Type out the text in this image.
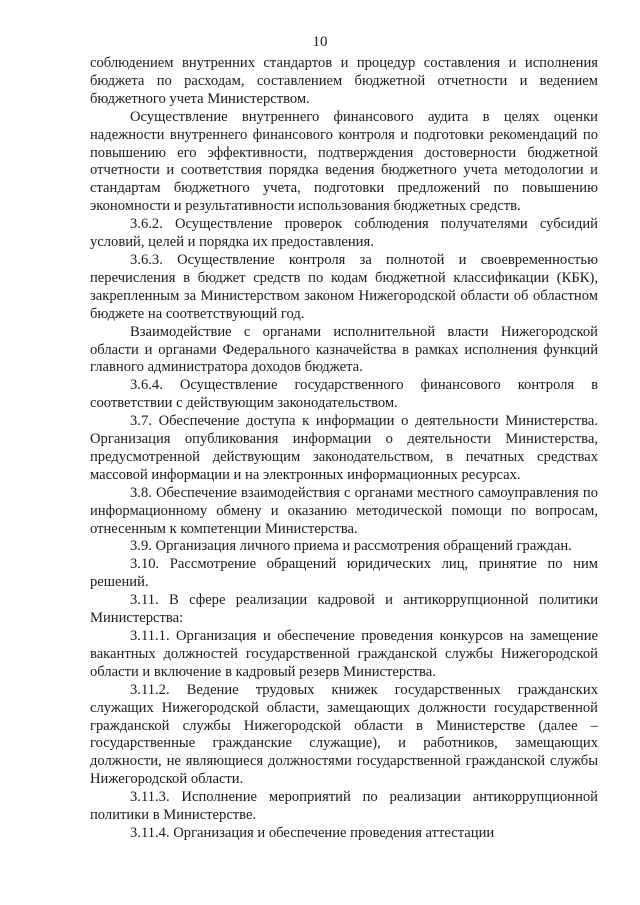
10

соблюдением внутренних стандартов и процедур составления и исполнения бюджета по расходам, составлением бюджетной отчетности и ведением бюджетного учета Министерством.

Осуществление внутреннего финансового аудита в целях оценки надежности внутреннего финансового контроля и подготовки рекомендаций по повышению его эффективности, подтверждения достоверности бюджетной отчетности и соответствия порядка ведения бюджетного учета методологии и стандартам бюджетного учета, подготовки предложений по повышению экономности и результативности использования бюджетных средств.

3.6.2. Осуществление проверок соблюдения получателями субсидий условий, целей и порядка их предоставления.

3.6.3. Осуществление контроля за полнотой и своевременностью перечисления в бюджет средств по кодам бюджетной классификации (КБК), закрепленным за Министерством законом Нижегородской области об областном бюджете на соответствующий год.

Взаимодействие с органами исполнительной власти Нижегородской области и органами Федерального казначейства в рамках исполнения функций главного администратора доходов бюджета.

3.6.4. Осуществление государственного финансового контроля в соответствии с действующим законодательством.

3.7. Обеспечение доступа к информации о деятельности Министерства. Организация опубликования информации о деятельности Министерства, предусмотренной действующим законодательством, в печатных средствах массовой информации и на электронных информационных ресурсах.

3.8. Обеспечение взаимодействия с органами местного самоуправления по информационному обмену и оказанию методической помощи по вопросам, отнесенным к компетенции Министерства.

3.9. Организация личного приема и рассмотрения обращений граждан.

3.10. Рассмотрение обращений юридических лиц, принятие по ним решений.

3.11. В сфере реализации кадровой и антикоррупционной политики Министерства:

3.11.1. Организация и обеспечение проведения конкурсов на замещение вакантных должностей государственной гражданской службы Нижегородской области и включение в кадровый резерв Министерства.

3.11.2. Ведение трудовых книжек государственных гражданских служащих Нижегородской области, замещающих должности государственной гражданской службы Нижегородской области в Министерстве (далее – государственные гражданские служащие), и работников, замещающих должности, не являющиеся должностями государственной гражданской службы Нижегородской области.

3.11.3. Исполнение мероприятий по реализации антикоррупционной политики в Министерстве.

3.11.4. Организация и обеспечение проведения аттестации
